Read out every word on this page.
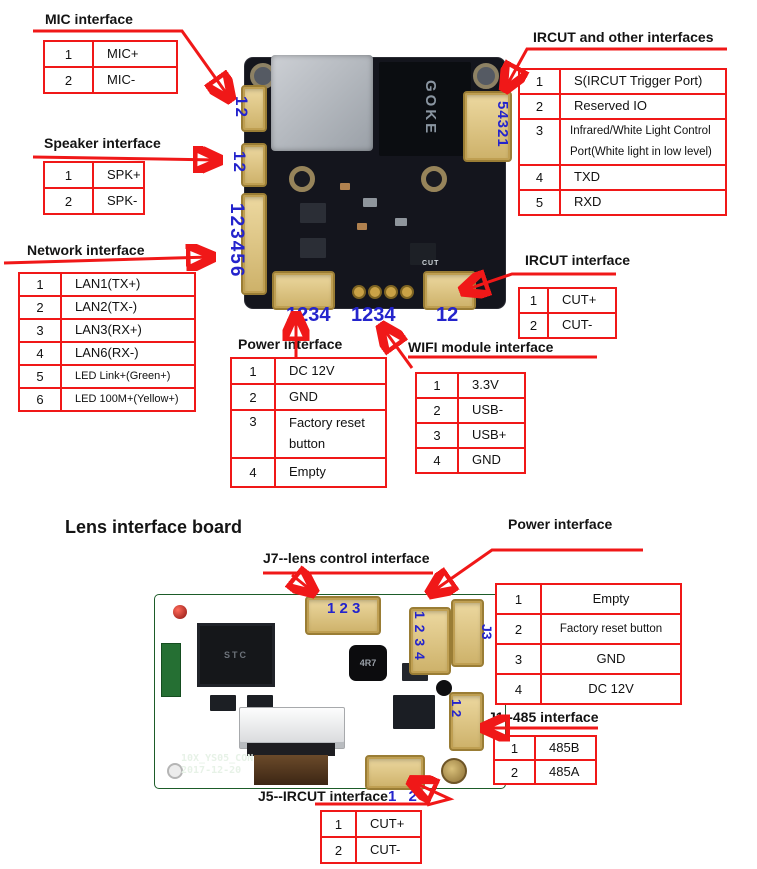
GOKE
CUT
STC
4R7
10X_YS05_CON
2017-12-20
MIC interface
Speaker interface
Network interface
IRCUT and other interfaces
IRCUT interface
Power interface	WIFI module interface
Lens interface board	Power interface
J7--lens control interface
J1--485 interface
J5--IRCUT interface
1	MIC+
2	MIC-
1	SPK+
2	SPK-
1	LAN1(TX+)
2	LAN2(TX-)
3	LAN3(RX+)
4	LAN6(RX-)
5	LED Link+(Green+)
6	LED 100M+(Yellow+)
1	S(IRCUT Trigger Port)
2	Reserved IO
3	Infrared/White Light Control Port(White light in low level)
4	TXD
5	RXD
1	CUT+
2	CUT-
1	DC 12V
2	GND
3	Factory reset button
4	Empty
1	3.3V
2	USB-
3	USB+
4	GND
1	Empty
2	Factory reset button
3	GND
4	DC 12V
1	485B
2	485A
1	CUT+
2	CUT-
12
12
123456
54321
1234 1234 12
1 2 3
1 2 3 4	J3
1 2
1 2
